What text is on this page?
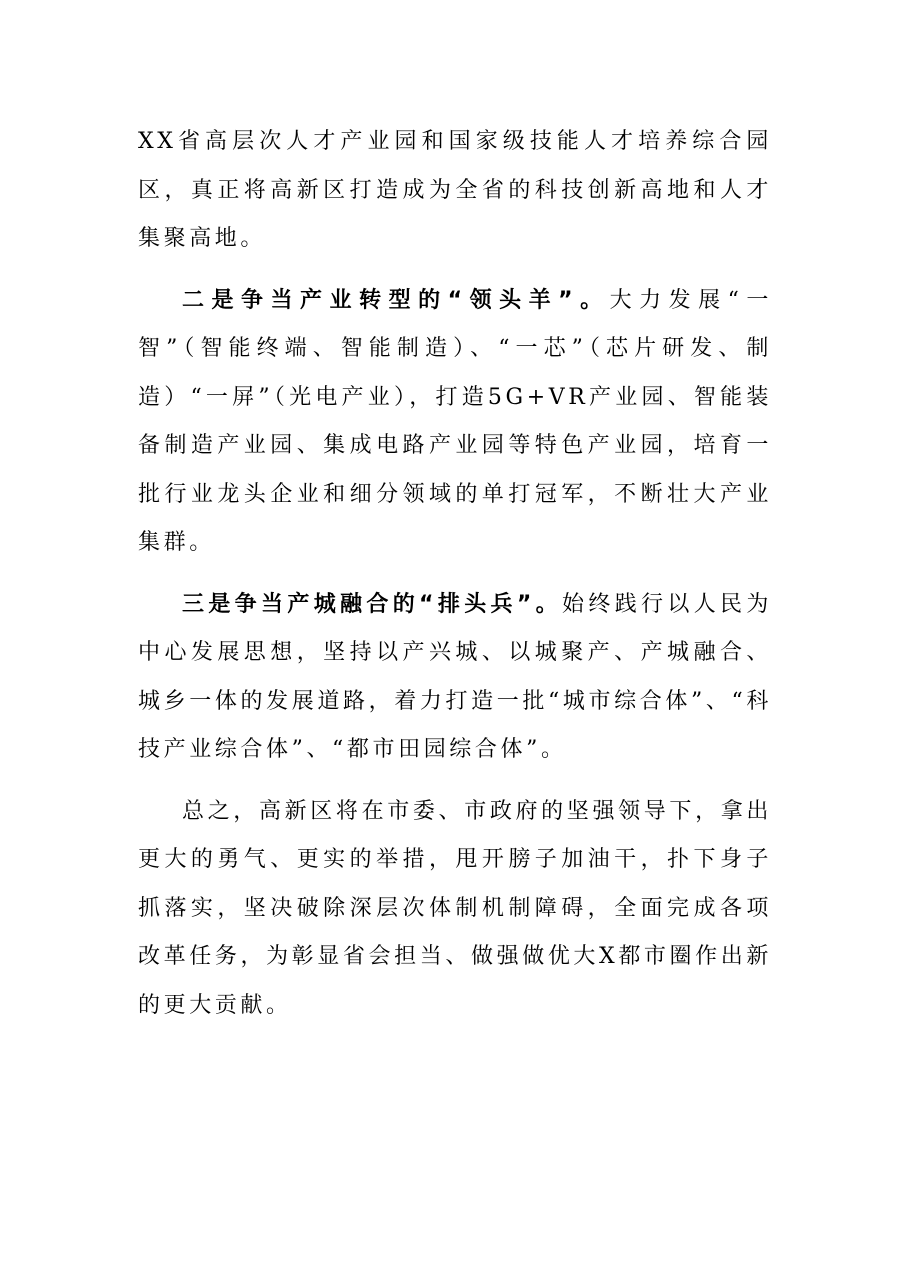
XX省高层次人才产业园和国家级技能人才培养综合园区，真正将高新区打造成为全省的科技创新高地和人才集聚高地。

二是争当产业转型的“领头羊”。大力发展“一智”（智能终端、智能制造）、“一芯”（芯片研发、制造）“一屏”（光电产业），打造5G+VR产业园、智能装备制造产业园、集成电路产业园等特色产业园，培育一批行业龙头企业和细分领域的单打冠军，不断壮大产业集群。

三是争当产城融合的“排头兵”。始终践行以人民为中心发展思想，坚持以产兴城、以城聚产、产城融合、城乡一体的发展道路，着力打造一批“城市综合体”、“科技产业综合体”、“都市田园综合体”。

总之，高新区将在市委、市政府的坚强领导下，拿出更大的勇气、更实的举措，甩开膀子加油干，扑下身子抓落实，坚决破除深层次体制机制障碍，全面完成各项改革任务，为彰显省会担当、做强做优大X都市圈作出新的更大贡献。
